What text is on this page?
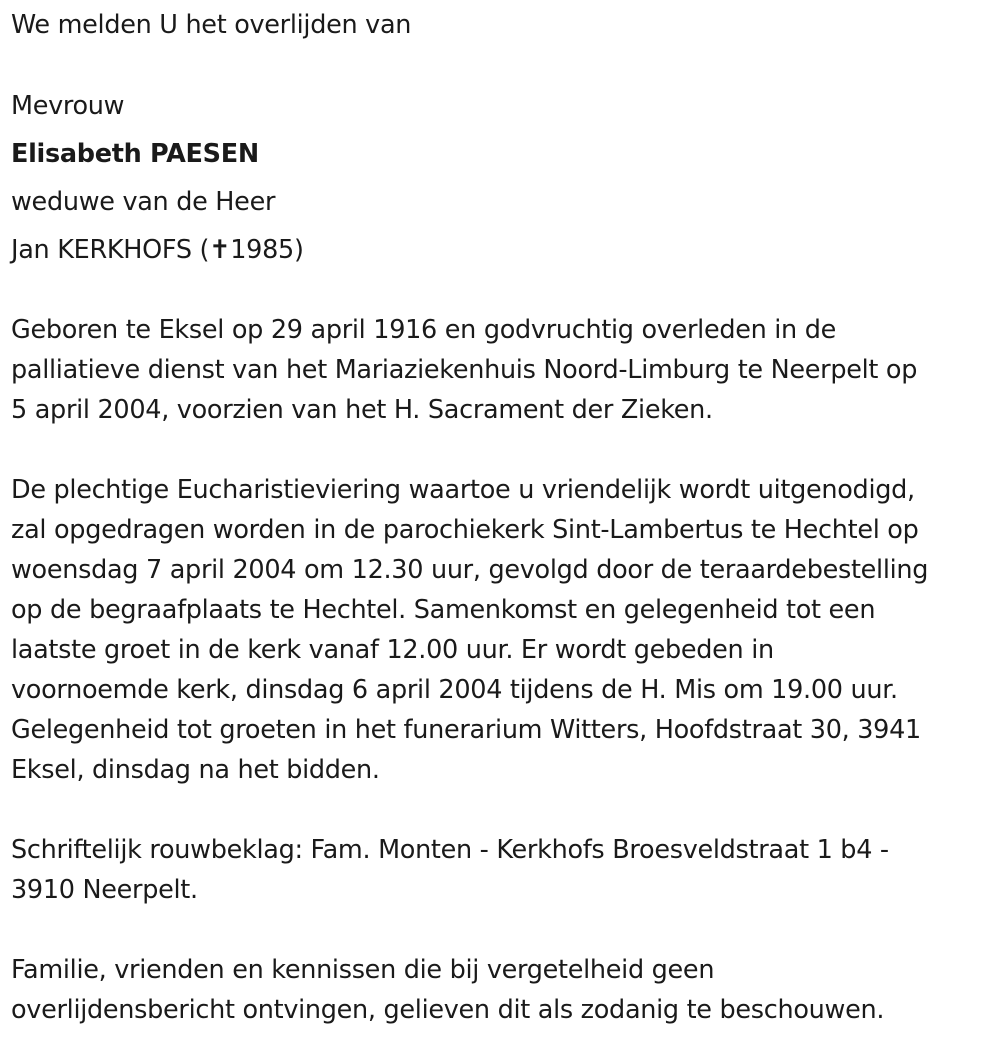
We melden U het overlijden van
Mevrouw
Elisabeth PAESEN
weduwe van de Heer
Jan KERKHOFS (✝1985)
Geboren te Eksel op 29 april 1916 en godvruchtig overleden in de
palliatieve dienst van het Mariaziekenhuis Noord-Limburg te Neerpelt op
5 april 2004, voorzien van het H. Sacrament der Zieken.
De plechtige Eucharistieviering waartoe u vriendelijk wordt uitgenodigd,
zal opgedragen worden in de parochiekerk Sint-Lambertus te Hechtel op
woensdag 7 april 2004 om 12.30 uur, gevolgd door de teraardebestelling
op de begraafplaats te Hechtel. Samenkomst en gelegenheid tot een
laatste groet in de kerk vanaf 12.00 uur. Er wordt gebeden in
voornoemde kerk, dinsdag 6 april 2004 tijdens de H. Mis om 19.00 uur.
Gelegenheid tot groeten in het funerarium Witters, Hoofdstraat 30, 3941
Eksel, dinsdag na het bidden.
Schriftelijk rouwbeklag: Fam. Monten - Kerkhofs Broesveldstraat 1 b4 -
3910 Neerpelt.
Familie, vrienden en kennissen die bij vergetelheid geen
overlijdensbericht ontvingen, gelieven dit als zodanig te beschouwen.
